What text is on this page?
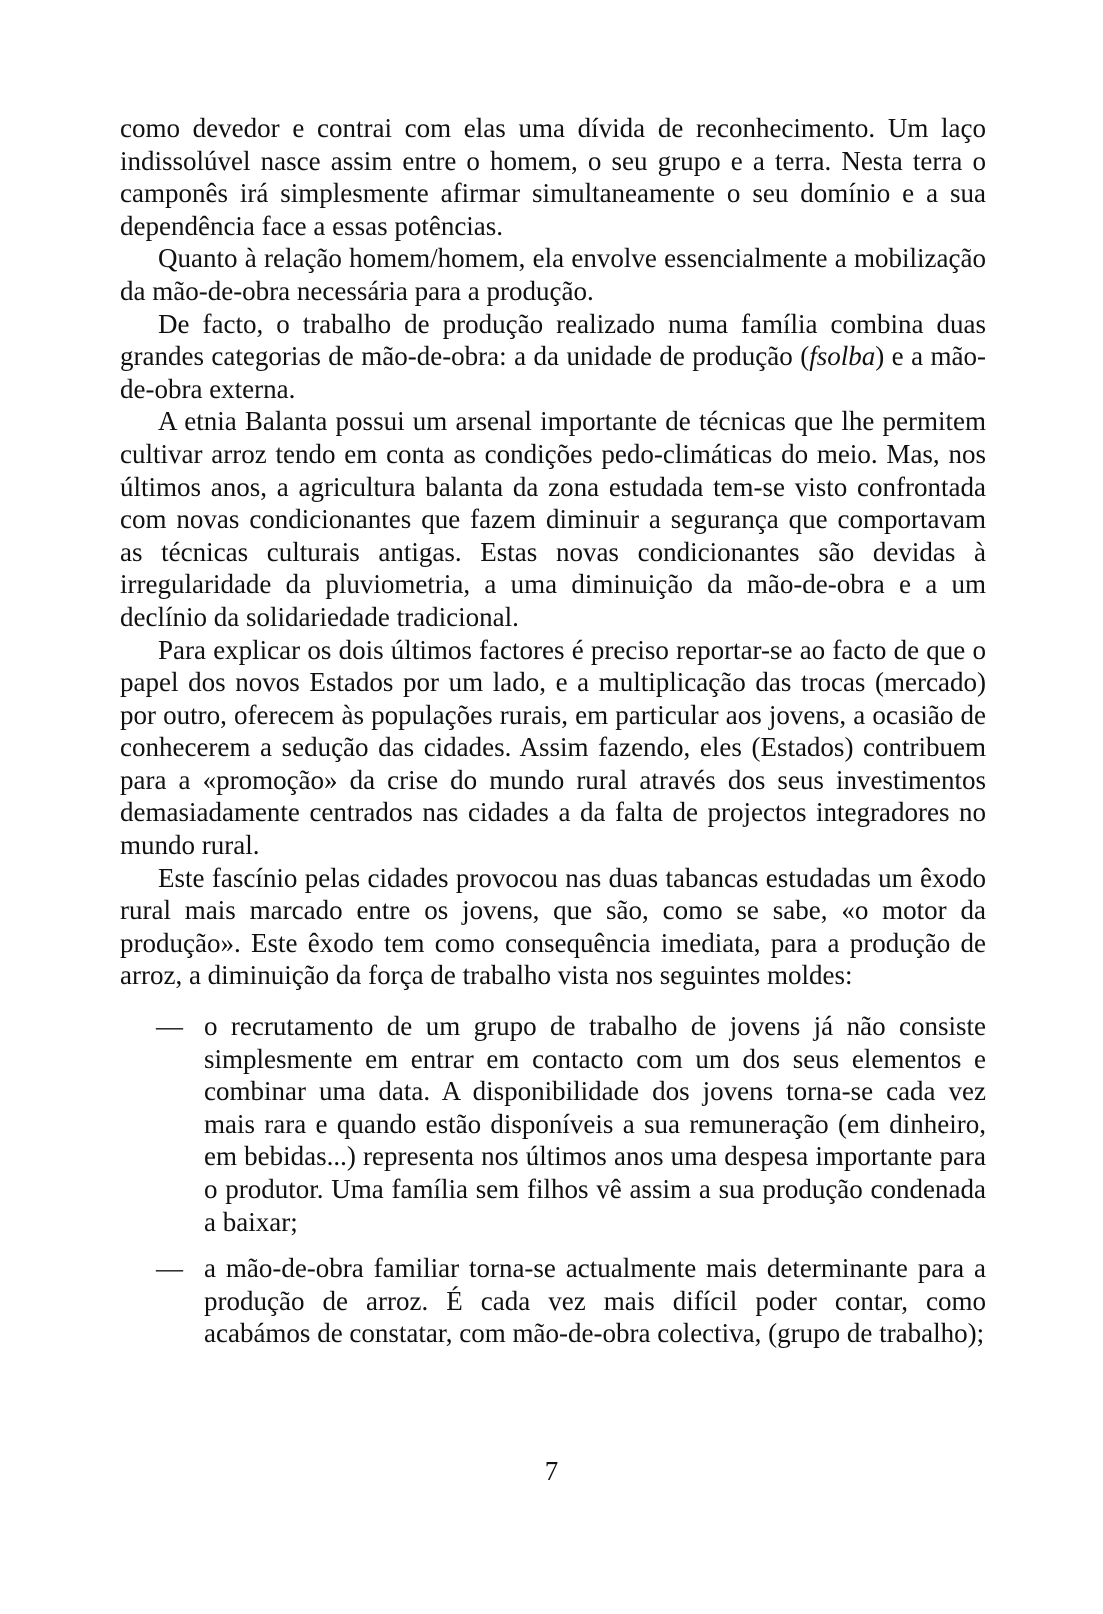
como devedor e contrai com elas uma dívida de reconhecimento. Um laço indissolúvel nasce assim entre o homem, o seu grupo e a terra. Nesta terra o camponês irá simplesmente afirmar simultaneamente o seu domínio e a sua dependência face a essas potências.

Quanto à relação homem/homem, ela envolve essencialmente a mobilização da mão-de-obra necessária para a produção.

De facto, o trabalho de produção realizado numa família combina duas grandes categorias de mão-de-obra: a da unidade de produção (fsolba) e a mão-de-obra externa.

A etnia Balanta possui um arsenal importante de técnicas que lhe permitem cultivar arroz tendo em conta as condições pedo-climáticas do meio. Mas, nos últimos anos, a agricultura balanta da zona estudada tem-se visto confrontada com novas condicionantes que fazem diminuir a segurança que comportavam as técnicas culturais antigas. Estas novas condicionantes são devidas à irregularidade da pluviometria, a uma diminuição da mão-de-obra e a um declínio da solidariedade tradicional.

Para explicar os dois últimos factores é preciso reportar-se ao facto de que o papel dos novos Estados por um lado, e a multiplicação das trocas (mercado) por outro, oferecem às populações rurais, em particular aos jovens, a ocasião de conhecerem a sedução das cidades. Assim fazendo, eles (Estados) contribuem para a «promoção» da crise do mundo rural através dos seus investimentos demasiadamente centrados nas cidades a da falta de projectos integradores no mundo rural.

Este fascínio pelas cidades provocou nas duas tabancas estudadas um êxodo rural mais marcado entre os jovens, que são, como se sabe, «o motor da produção». Este êxodo tem como consequência imediata, para a produção de arroz, a diminuição da força de trabalho vista nos seguintes moldes:

— o recrutamento de um grupo de trabalho de jovens já não consiste simplesmente em entrar em contacto com um dos seus elementos e combinar uma data. A disponibilidade dos jovens torna-se cada vez mais rara e quando estão disponíveis a sua remuneração (em dinheiro, em bebidas...) representa nos últimos anos uma despesa importante para o produtor. Uma família sem filhos vê assim a sua produção condenada a baixar;
— a mão-de-obra familiar torna-se actualmente mais determinante para a produção de arroz. É cada vez mais difícil poder contar, como acabámos de constatar, com mão-de-obra colectiva, (grupo de trabalho);
7
